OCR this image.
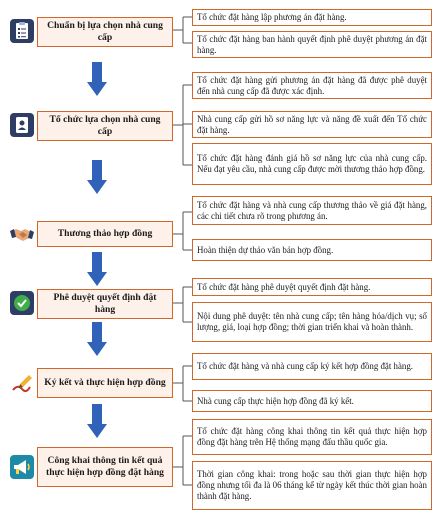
Chuẩn bị lựa chọn nhà cung cấp
Tổ chức lựa chọn nhà cung cấp
Thương thảo hợp đồng
Phê duyệt quyết định đặt hàng
Ký kết và thực hiện hợp đồng
Công khai thông tin kết quả thực hiện hợp đồng đặt hàng
Tổ chức đặt hàng lập phương án đặt hàng.
Tổ chức đặt hàng ban hành quyết định phê duyệt phương án đặt hàng.
Tổ chức đặt hàng gửi phương án đặt hàng đã được phê duyệt đến nhà cung cấp đã được xác định.
Nhà cung cấp gửi hồ sơ năng lực và năng đề xuất đến Tổ chức đặt hàng.
Tổ chức đặt hàng đánh giá hồ sơ năng lực của nhà cung cấp. Nếu đạt yêu cầu, nhà cung cấp được mời thương thảo hợp đồng.
Tổ chức đặt hàng và nhà cung cấp thương thảo về giá đặt hàng, các chi tiết chưa rõ trong phương án.
Hoàn thiện dự thảo văn bản hợp đồng.
Tổ chức đặt hàng phê duyệt quyết định đặt hàng.
Nội dung phê duyệt: tên nhà cung cấp; tên hàng hóa/dịch vụ; số lượng, giá, loại hợp đồng; thời gian triển khai và hoàn thành.
Tổ chức đặt hàng và nhà cung cấp ký kết hợp đồng đặt hàng.
Nhà cung cấp thực hiện hợp đồng đã ký kết.
Tổ chức đặt hàng công khai thông tin kết quả thực hiện hợp đồng đặt hàng trên Hệ thống mạng đấu thầu quốc gia.
Thời gian công khai: trong hoặc sau thời gian thực hiện hợp đồng nhưng tối đa là 06 tháng kể từ ngày kết thúc thời gian hoàn thành đặt hàng.
